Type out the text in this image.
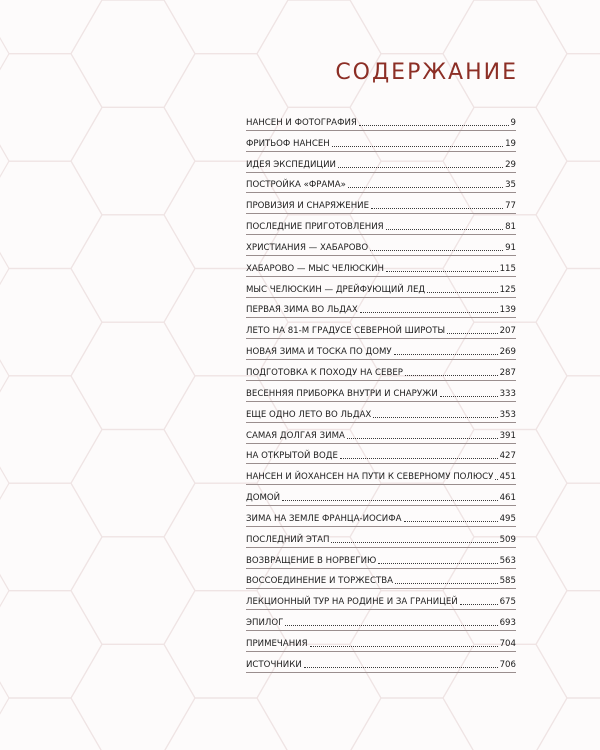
СОДЕРЖАНИЕ
НАНСЕН И ФОТОГРАФИЯ	9
ФРИТЬОФ НАНСЕН	19
ИДЕЯ ЭКСПЕДИЦИИ	29
ПОСТРОЙКА «ФРАМА»	35
ПРОВИЗИЯ И СНАРЯЖЕНИЕ	77
ПОСЛЕДНИЕ ПРИГОТОВЛЕНИЯ	81
ХРИСТИАНИЯ — ХАБАРОВО	91
ХАБАРОВО — МЫС ЧЕЛЮСКИН	115
МЫС ЧЕЛЮСКИН — ДРЕЙФУЮЩИЙ ЛЕД	125
ПЕРВАЯ ЗИМА ВО ЛЬДАХ	139
ЛЕТО НА 81-М ГРАДУСЕ СЕВЕРНОЙ ШИРОТЫ	207
НОВАЯ ЗИМА И ТОСКА ПО ДОМУ	269
ПОДГОТОВКА К ПОХОДУ НА СЕВЕР	287
ВЕСЕННЯЯ ПРИБОРКА ВНУТРИ И СНАРУЖИ	333
ЕЩЕ ОДНО ЛЕТО ВО ЛЬДАХ	353
САМАЯ ДОЛГАЯ ЗИМА	391
НА ОТКРЫТОЙ ВОДЕ	427
НАНСЕН И ЙОХАНСЕН НА ПУТИ К СЕВЕРНОМУ ПОЛЮСУ 451
ДОМОЙ	461
ЗИМА НА ЗЕМЛЕ ФРАНЦА-ИОСИФА	495
ПОСЛЕДНИЙ ЭТАП	509
ВОЗВРАЩЕНИЕ В НОРВЕГИЮ	563
ВОССОЕДИНЕНИЕ И ТОРЖЕСТВА	585
ЛЕКЦИОННЫЙ ТУР НА РОДИНЕ И ЗА ГРАНИЦЕЙ	675
ЭПИЛОГ	693
ПРИМЕЧАНИЯ	704
ИСТОЧНИКИ	706
